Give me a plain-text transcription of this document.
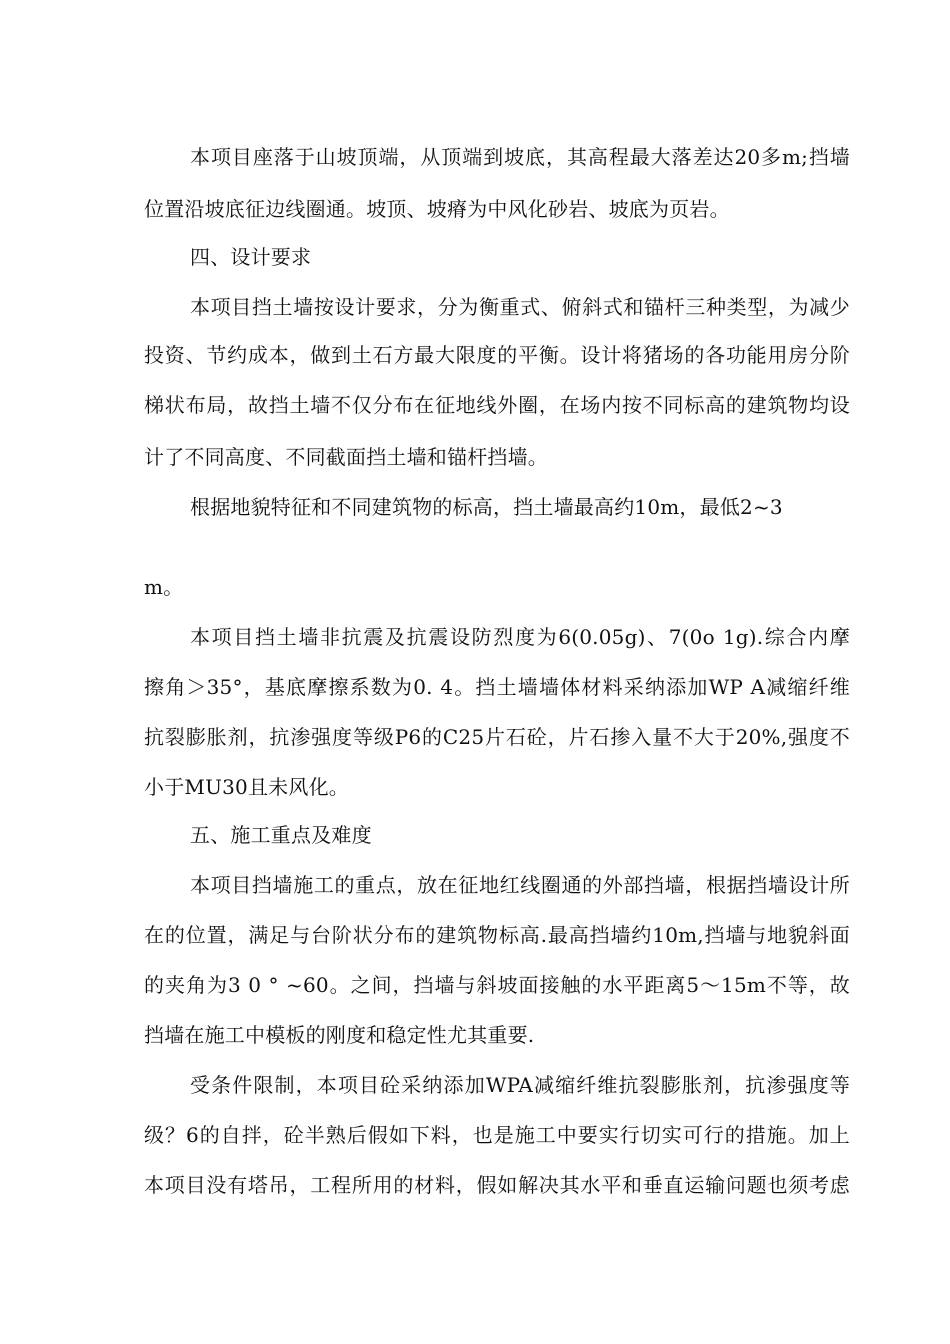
本项目座落于山坡顶端，从顶端到坡底，其高程最大落差达20多m;挡墙

位置沿坡底征边线圈通。坡顶、坡瘠为中风化砂岩、坡底为页岩。

四、设计要求

本项目挡土墙按设计要求，分为衡重式、俯斜式和锚杆三种类型，为减少

投资、节约成本，做到土石方最大限度的平衡。设计将猪场的各功能用房分阶

梯状布局，故挡土墙不仅分布在征地线外圈，在场内按不同标高的建筑物均设

计了不同高度、不同截面挡土墙和锚杆挡墙。

根据地貌特征和不同建筑物的标高，挡土墙最高约10m，最低2~3

m。

本项目挡土墙非抗震及抗震设防烈度为6(0.05g)、7(0o 1g).综合内摩

擦角＞35°，基底摩擦系数为0. 4。挡土墙墙体材料采纳添加WP A减缩纤维

抗裂膨胀剂，抗渗强度等级P6的C25片石砼，片石掺入量不大于20%,强度不

小于MU30且未风化。

五、施工重点及难度

本项目挡墙施工的重点，放在征地红线圈通的外部挡墙，根据挡墙设计所

在的位置，满足与台阶状分布的建筑物标高.最高挡墙约10m,挡墙与地貌斜面

的夹角为3 0 ° ~60。之间，挡墙与斜坡面接触的水平距离5～15m不等，故

挡墙在施工中模板的刚度和稳定性尤其重要.

受条件限制，本项目砼采纳添加WPA减缩纤维抗裂膨胀剂，抗渗强度等

级？6的自拌，砼半熟后假如下料，也是施工中要实行切实可行的措施。加上

本项目没有塔吊，工程所用的材料，假如解决其水平和垂直运输问题也须考虑
